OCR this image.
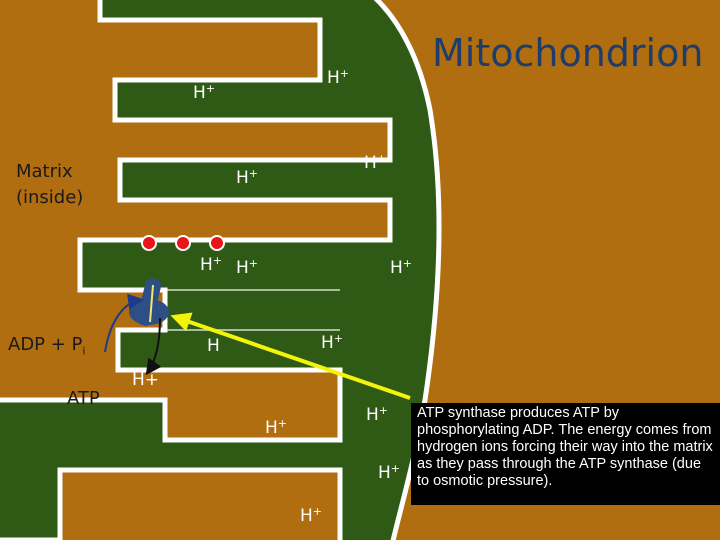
Mitochondrion
Matrix
(inside)
ADP + $P_i$
ATP
H+
H+
H+
H+
H+ H+	H+
H	H+
H+
H+
H+
H+
H+
ATP synthase produces ATP by phosphorylating ADP. The energy comes from hydrogen ions forcing their way into the matrix as they pass through the ATP synthase (due to osmotic pressure).
